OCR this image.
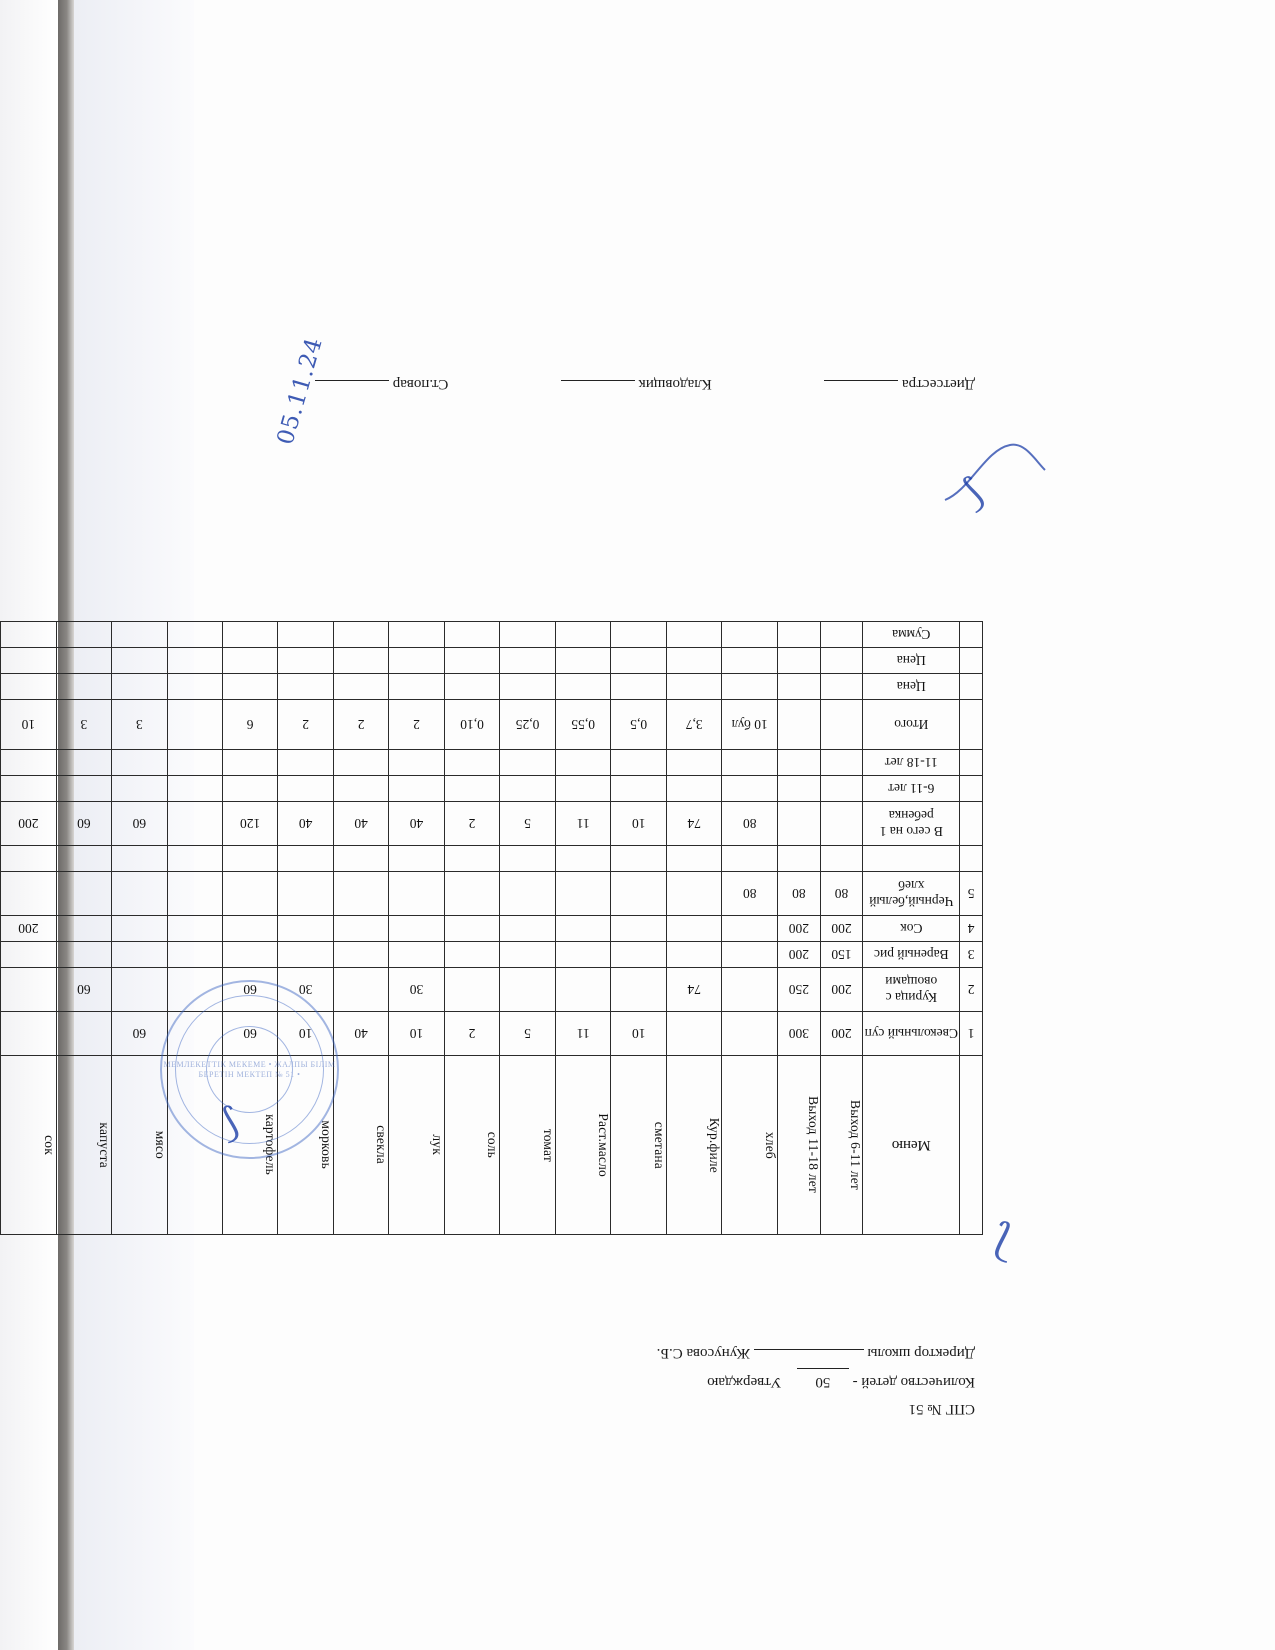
СПГ № 51
Количество детей - 50  Утверждаю
Директор школы  Жунусова С.Б.
	Меню	Выход 6-11 лет	Выход 11-18 лет	хлеб	Кур.филе	сметана	Раст.масло	томат	соль	лук	свекла	морковь	картофель		мясо	капуста	сок

1	Свекольный суп	200	300			10	11	5	2	10	40	10	60		60		
2	Курица с овощами	200	250		74					30		30	60			60	
3	Вареный рис	150	200														
4	Сок	200	200														200
5	Черный,белый хлеб	80	80	80													

	В сего на 1 ребенка			80	74	10	11	5	2	40	40	40	120		60	60	200
	6-11 лет																
	11-18 лет																
	Итого			10 бул	3,7	0,5	0,55	0,25	0,10	2	2	2	6		3	3	10
	Цена																
	Цена																
	Сумма																
Диетсестра
Кладовщик
Ст.повар
05.11.24
МЕМЛЕКЕТТІК МЕКЕМЕ • ЖАЛПЫ БІЛІМ БЕРЕТІН МЕКТЕП № 51 •
⟆
⟆
⟆
